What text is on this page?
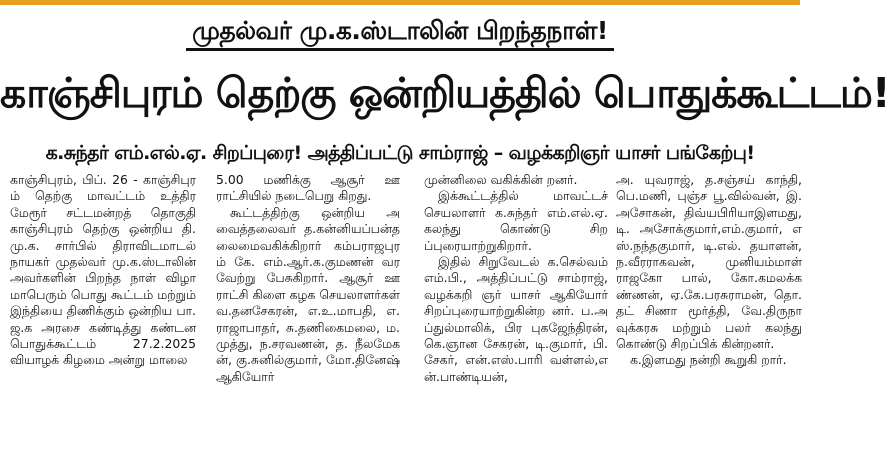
முதல்வர் மு.க.ஸ்டாலின் பிறந்தநாள்!
காஞ்சிபுரம் தெற்கு ஒன்றியத்தில் பொதுக்கூட்டம்!
க.சுந்தர் எம்.எல்.ஏ. சிறப்புரை! அத்திப்பட்டு சாம்ராஜ் – வழக்கறிஞர் யாசர் பங்கேற்பு!

காஞ்சிபுரம், பிப். 26 - காஞ்சிபுரம் தெற்கு மாவட்டம் உத்திரமேரூர் சட்டமன்றத் தொகுதி காஞ்சிபுரம் தெற்கு ஒன்றிய தி.மு.க. சார்பில் திராவிடமாடல் நாயகர் முதல்வர் மு.க.ஸ்டாலின் அவர்களின் பிறந்த நாள் விழா மாபெரும் பொது கூட்டம் மற்றும் இந்தியை திணிக்கும் ஒன்றிய பா.ஜ.க அரசை கண்டித்து கண்டன பொதுக்கூட்டம் 27.2.2025 வியாழக் கிழமை அன்று மாலை

5.00 மணிக்கு ஆசூர் ஊராட்சியில் நடைபெறு கிறது.

கூட்டத்திற்கு ஒன்றிய அவைத்தலைவர் த.கன்னியப்பன்தலைமைவகிக்கிறார் கம்பராஜபுரம் கே. எம்.ஆர்.க.குமணன் வர வேற்று பேசுகிறார். ஆசூர் ஊராட்சி கிளை கழக செயலாளர்கள் வ.தனசேகரன், எ.உ.மாபதி, எ.ராஜாபாதர், சு.தணிகைமலை, ம.முத்து, ந.சரவணன், த. நீலமேகன், கு.சுனில்குமார், மோ.தினேஷ் ஆகியோர்

முன்னிலை வகிக்கின் றனர்.

இக்கூட்டத்தில் மாவட்டச் செயலாளர் க.சுந்தர் எம்.எல்.ஏ. கலந்து கொண்டு சிறப்புரையாற்றுகிறார்.

இதில் சிறுவேடல் க.செல்வம் எம்.பி., அத்திப்பட்டு சாம்ராஜ், வழக்கறி ஞர் யாசர் ஆகியோர் சிறப்புரையாற்றுகின்ற னர். ப.அப்துல்மாலிக், பிர புகஜேந்திரன், கெ.ஞான சேகரன், டி.குமார், பி.சேகர், என்.எஸ்.பாரி வள்ளல்,என்.பாண்டியன்,

அ. யுவராஜ், த.சஞ்சய் காந்தி, பெ.மணி, புஞ்ச பூ.வில்வன், இ.அசோகன், திவ்யபிரியாஇளமது, டி. அசோக்குமார்,எம்.குமார், எஸ்.நந்தகுமார், டி.எல். தயாளன், ந.வீரராகவன், முனியம்மாள் ராஜகோ பால், கோ.கமலக்கண்ணன், ஏ.கே.பரசுராமன், தொ.தட் சிணா மூர்த்தி, வே.திருநா வுக்கரசு மற்றும் பலர் கலந்து கொண்டு சிறப்பிக் கின்றனர்.

க.இளமது நன்றி கூறுகி றார்.
